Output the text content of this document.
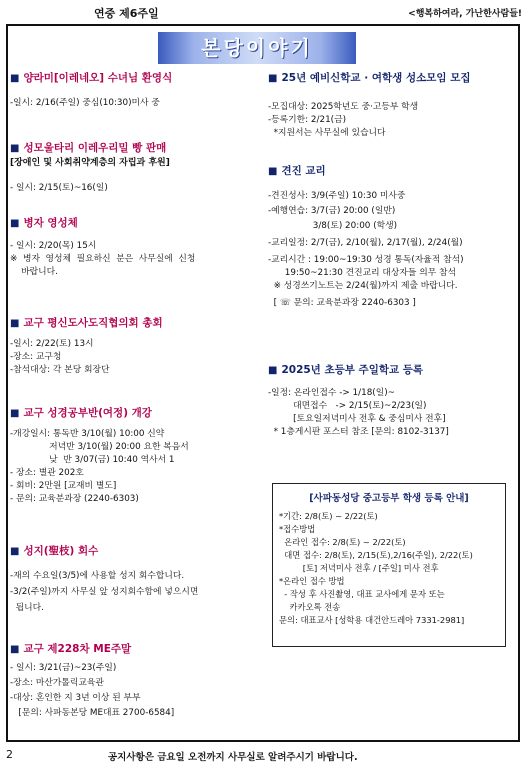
연중 제6주일	<행복하여라, 가난한사람들!
본당이야기
■ 양라미[이레네오] 수녀님 환영식
-일시: 2/16(주일) 중심(10:30)미사 중
■ 성모울타리 이레우리밀 빵 판매
[장애인 및 사회취약계층의 자립과 후원]
- 일시: 2/15(토)~16(일)
■ 병자 영성체
- 일시: 2/20(목) 15시
※  병자  영성체  필요하신  분은  사무실에  신청
바랍니다.
■ 교구 평신도사도직협의회 총회
-일시: 2/22(토) 13시
-장소: 교구청
-참석대상: 각 본당 회장단
■ 교구 성경공부반(여정) 개강
-개강일시: 통독반 3/10(월) 10:00 신약
저녁반 3/10(월) 20:00 요한 복음서
낮  반 3/07(금) 10:40 역사서 1
- 장소: 별관 202호
- 회비: 2만원 [교재비 별도]
- 문의: 교육분과장 (2240-6303)
■ 성지(聖枝) 회수
-재의 수요일(3/5)에 사용할 성지 회수합니다.
-3/2(주일)까지 사무실 앞 성지회수함에 넣으시면
됩니다.
■ 교구 제228차 ME주말
- 일시: 3/21(금)~23(주일)
-장소: 마산가톨릭교육관
-대상: 혼인한 지 3년 이상 된 부부
[문의: 사파동본당 ME대표 2700-6584]
■ 25년 예비신학교 · 여학생 성소모임 모집
-모집대상: 2025학년도 중·고등부 학생
-등록기한: 2/21(금)
*지원서는 사무실에 있습니다
■ 견진 교리
-견진성사: 3/9(주일) 10:30 미사중
-예행연습: 3/7(금) 20:00 (일반)
3/8(토) 20:00 (학생)
-교리일정: 2/7(금), 2/10(월), 2/17(월), 2/24(월)
-교리시간 : 19:00~19:30 성경 통독(자율적 참석)
19:50~21:30 견진교리 대상자들 의무 참석
※ 성경쓰기노트는 2/24(월)까지 제출 바랍니다.
[ ☏ 문의: 교육분과장 2240-6303 ]
■ 2025년 초등부 주일학교 등록
-일정: 온라인접수 -> 1/18(일)~
대면접수   -> 2/15(토)~2/23(일)
[토요일저녁미사 전후 & 중심미사 전후]
* 1층게시판 포스터 참조 [문의: 8102-3137]
[사파동성당 중고등부 학생 등록 안내]
*기간: 2/8(토) ~ 2/22(토)
*접수방법
온라인 접수: 2/8(토) ~ 2/22(토)
대면 접수: 2/8(토), 2/15(토),2/16(주일), 2/22(토)
[토] 저녁미사 전후 / [주일] 미사 전후
*온라인 접수 방법
- 작성 후 사진촬영, 대표 교사에게 문자 또는
카카오톡 전송
문의: 대표교사 [성학용 대건안드레아 7331-2981]
2	공지사항은 금요일 오전까지 사무실로 알려주시기 바랍니다.
